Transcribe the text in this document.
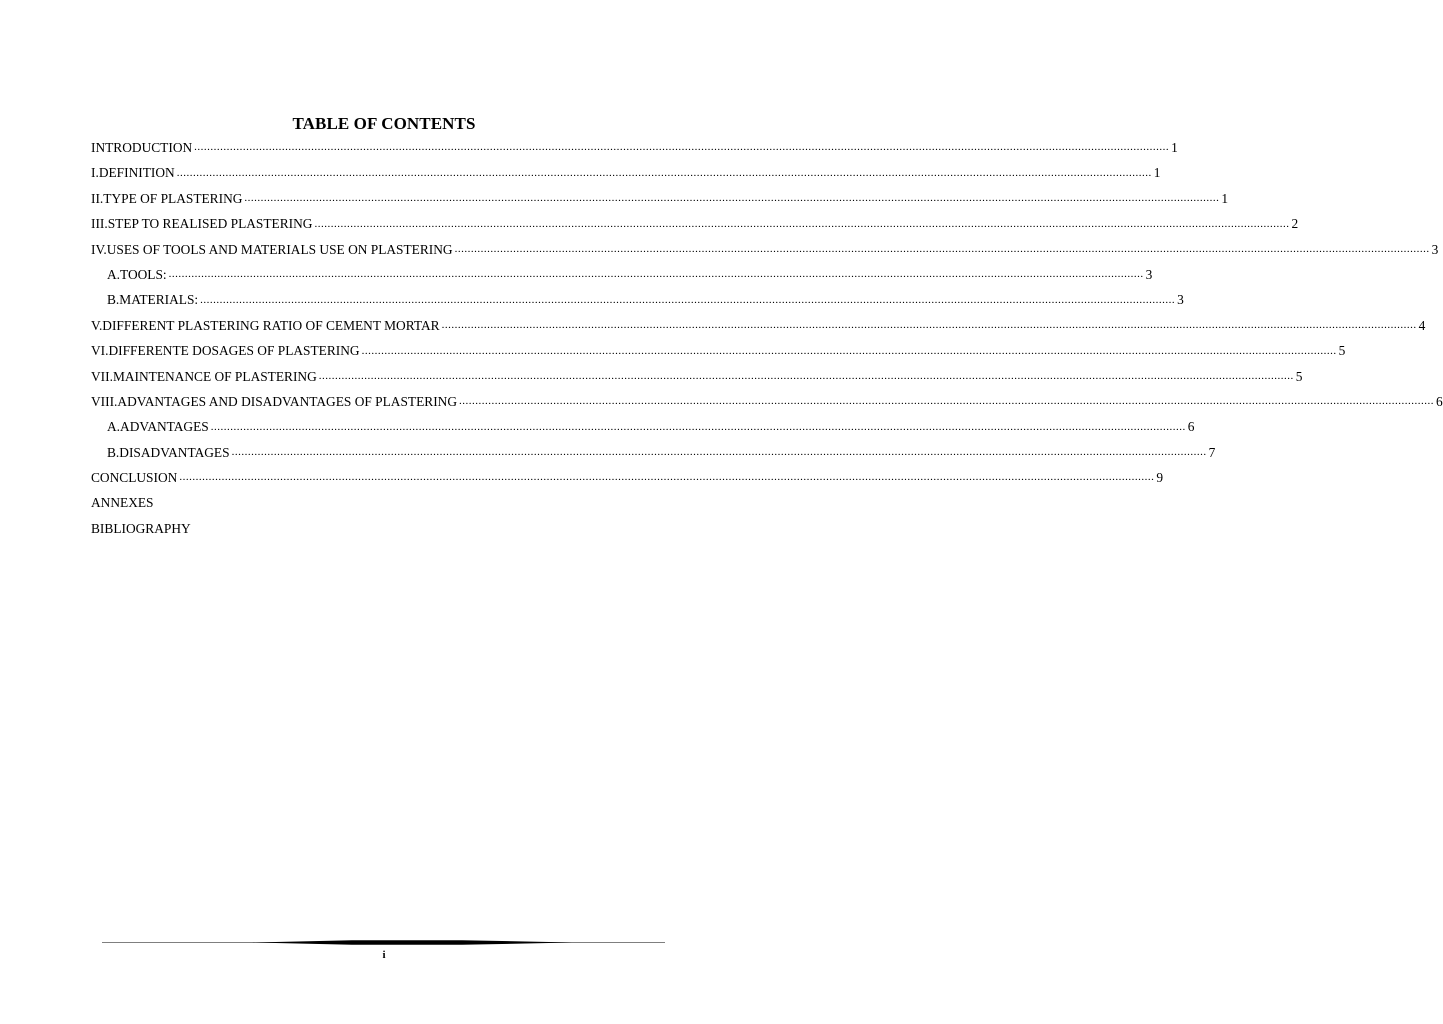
TABLE OF CONTENTS
INTRODUCTION ............................................................................................................................................................................................................................................................................................................ 1
I. DEFINITION ............................................................................................................................................................................................................................................................................................................ 1
II. TYPE OF PLASTERING ............................................................................................................................................................................................................................................................................................................ 1
III. STEP TO REALISED PLASTERING ............................................................................................................................................................................................................................................................................................................ 2
IV. USES OF TOOLS AND MATERIALS USE ON PLASTERING ............................................................................................................................................................................................................................................................................................................ 3
A. TOOLS: ............................................................................................................................................................................................................................................................................................................ 3
B. MATERIALS: ............................................................................................................................................................................................................................................................................................................ 3
V. DIFFERENT PLASTERING RATIO OF CEMENT MORTAR ............................................................................................................................................................................................................................................................................................................ 4
VI. DIFFERENTE DOSAGES OF PLASTERING ............................................................................................................................................................................................................................................................................................................ 5
VII. MAINTENANCE OF PLASTERING ............................................................................................................................................................................................................................................................................................................ 5
VIII. ADVANTAGES AND DISADVANTAGES OF PLASTERING ............................................................................................................................................................................................................................................................................................................ 6
A. ADVANTAGES ............................................................................................................................................................................................................................................................................................................ 6
B. DISADVANTAGES ............................................................................................................................................................................................................................................................................................................ 7
CONCLUSION ............................................................................................................................................................................................................................................................................................................ 9
ANNEXES
BIBLIOGRAPHY
i
